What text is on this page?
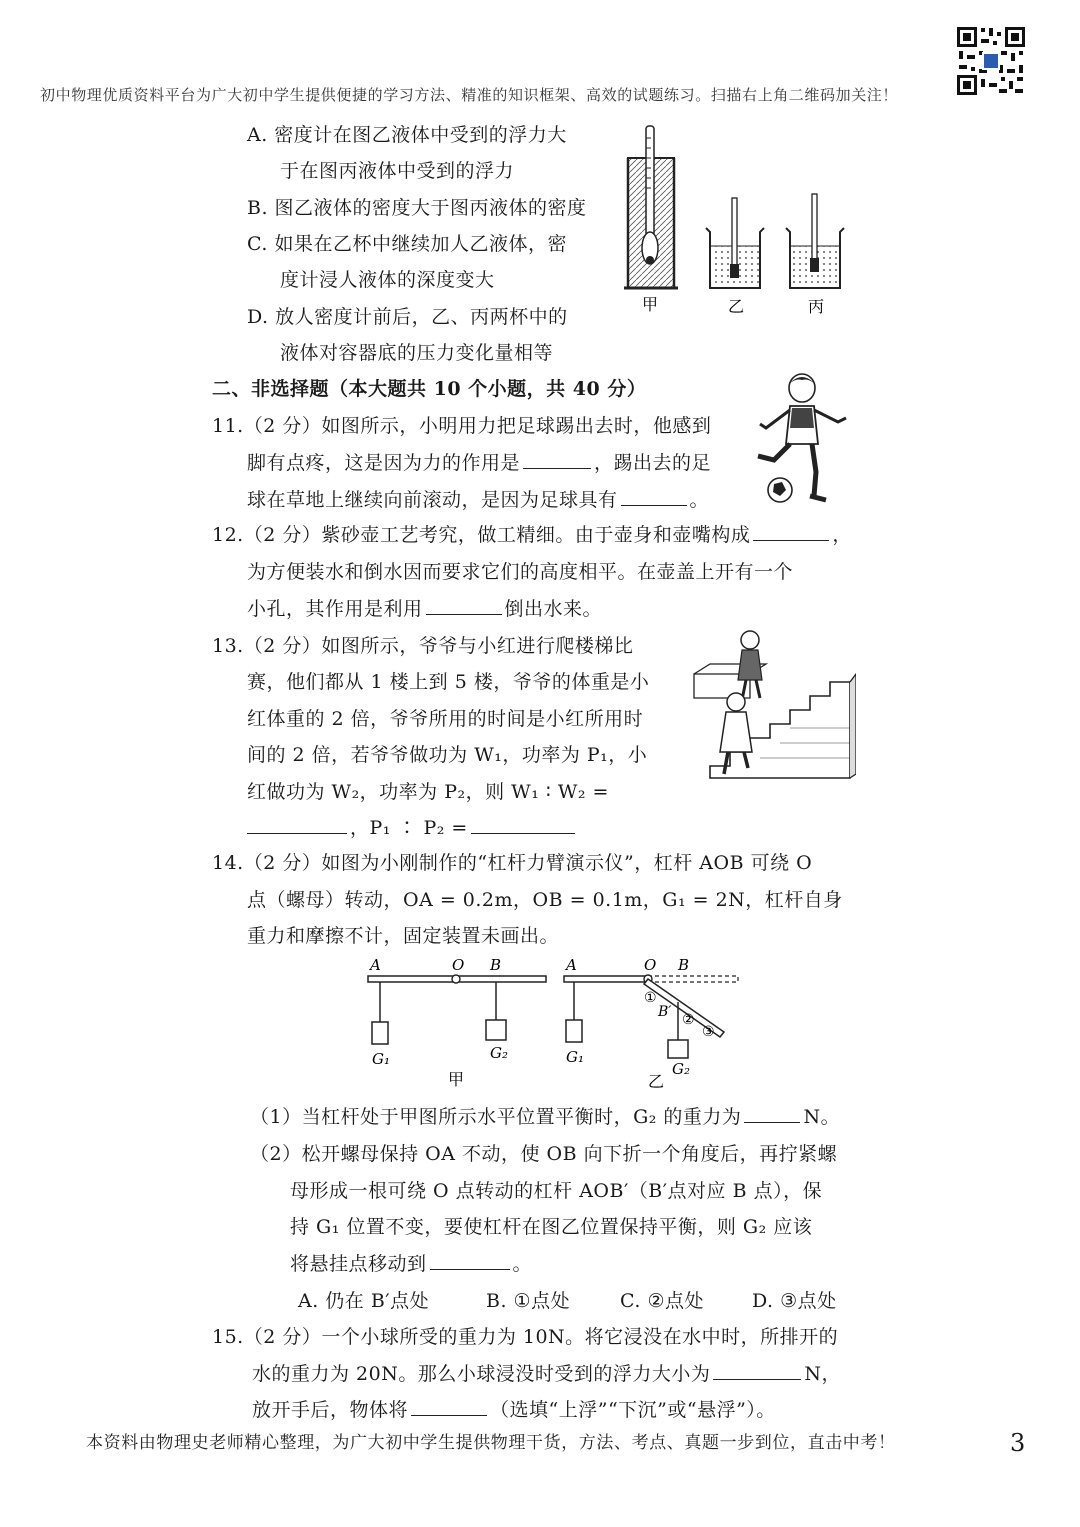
初中物理优质资料平台为广大初中学生提供便捷的学习方法、精准的知识框架、高效的试题练习。扫描右上角二维码加关注！
A. 密度计在图乙液体中受到的浮力大
于在图丙液体中受到的浮力
B. 图乙液体的密度大于图丙液体的密度
C. 如果在乙杯中继续加人乙液体，密
度计浸人液体的深度变大
D. 放人密度计前后，乙、丙两杯中的
液体对容器底的压力变化量相等
甲	乙	丙
二、非选择题（本大题共 10 个小题，共 40 分）
11.（2 分）如图所示，小明用力把足球踢出去时，他感到
脚有点疼，这是因为力的作用是	，踢出去的足
球在草地上继续向前滚动，是因为足球具有	。
12.（2 分）紫砂壶工艺考究，做工精细。由于壶身和壶嘴构成	，
为方便装水和倒水因而要求它们的高度相平。在壶盖上开有一个
小孔，其作用是利用	倒出水来。
13.（2 分）如图所示，爷爷与小红进行爬楼梯比
赛，他们都从 1 楼上到 5 楼，爷爷的体重是小
红体重的 2 倍，爷爷所用的时间是小红所用时
间的 2 倍，若爷爷做功为 W₁，功率为 P₁，小
红做功为 W₂，功率为 P₂，则 W₁ ∶ W₂ =
，P₁ ∶ P₂ =
14.（2 分）如图为小刚制作的“杠杆力臂演示仪”，杠杆 AOB 可绕 O
点（螺母）转动，OA = 0.2m，OB = 0.1m，G₁ = 2N，杠杆自身
重力和摩擦不计，固定装置未画出。
A	O B
G₁	G₂
甲
A	O B
G₁
①
B′ ②
③
G₂
乙
（1）当杠杆处于甲图所示水平位置平衡时，G₂ 的重力为	N。
（2）松开螺母保持 OA 不动，使 OB 向下折一个角度后，再拧紧螺
母形成一根可绕 O 点转动的杠杆 AOB′（B′点对应 B 点），保
持 G₁ 位置不变，要使杠杆在图乙位置保持平衡，则 G₂ 应该
将悬挂点移动到	。
A. 仍在 B′点处	B. ①点处	C. ②点处	D. ③点处
15.（2 分）一个小球所受的重力为 10N。将它浸没在水中时，所排开的
水的重力为 20N。那么小球浸没时受到的浮力大小为	N，
放开手后，物体将	（选填“上浮”“下沉”或“悬浮”）。
本资料由物理史老师精心整理，为广大初中学生提供物理干货，方法、考点、真题一步到位，直击中考！	3
